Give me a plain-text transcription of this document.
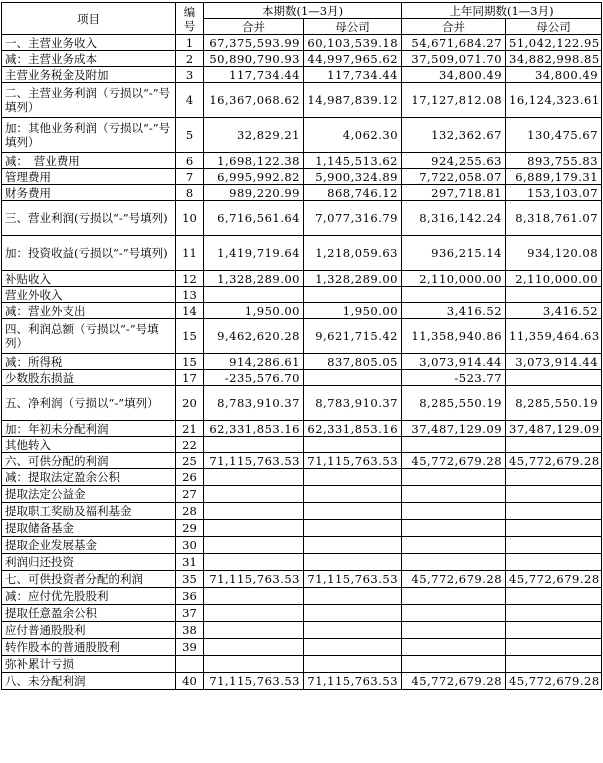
项目	编号	本期数(1—3月)		上年同期数(1—3月)	
		合并	母公司	合并	母公司
一、主营业务收入	1	67,375,593.99	60,103,539.18	54,671,684.27	51,042,122.95
减：主营业务成本	2	50,890,790.93	44,997,965.62	37,509,071.70	34,882,998.85
主营业务税金及附加	3	117,734.44	117,734.44	34,800.49	34,800.49
二、主营业务利润（亏损以“-”号填列）	4	16,367,068.62	14,987,839.12	17,127,812.08	16,124,323.61
加：其他业务利润（亏损以“-”号填列）	5	32,829.21	4,062.30	132,362.67	130,475.67
减：　营业费用	6	1,698,122.38	1,145,513.62	924,255.63	893,755.83
管理费用	7	6,995,992.82	5,900,324.89	7,722,058.07	6,889,179.31
财务费用	8	989,220.99	868,746.12	297,718.81	153,103.07
三、营业利润(亏损以“-”号填列)	10	6,716,561.64	7,077,316.79	8,316,142.24	8,318,761.07
加：投资收益(亏损以“-”号填列)	11	1,419,719.64	1,218,059.63	936,215.14	934,120.08
补贴收入	12	1,328,289.00	1,328,289.00	2,110,000.00	2,110,000.00
营业外收入	13				
减：营业外支出	14	1,950.00	1,950.00	3,416.52	3,416.52
四、利润总额（亏损以“-”号填列）	15	9,462,620.28	9,621,715.42	11,358,940.86	11,359,464.63
减：所得税	15	914,286.61	837,805.05	3,073,914.44	3,073,914.44
少数股东损益	17	-235,576.70		-523.77	
五、净利润（亏损以“-”填列）	20	8,783,910.37	8,783,910.37	8,285,550.19	8,285,550.19
加：年初未分配利润	21	62,331,853.16	62,331,853.16	37,487,129.09	37,487,129.09
其他转入	22				
六、可供分配的利润	25	71,115,763.53	71,115,763.53	45,772,679.28	45,772,679.28
减：提取法定盈余公积	26				
提取法定公益金	27				
提取职工奖励及福利基金	28				
提取储备基金	29				
提取企业发展基金	30				
利润归还投资	31				
七、可供投资者分配的利润	35	71,115,763.53	71,115,763.53	45,772,679.28	45,772,679.28
减：应付优先股股利	36				
提取任意盈余公积	37				
应付普通股股利	38				
转作股本的普通股股利	39				
弥补累计亏损					
八、未分配利润	40	71,115,763.53	71,115,763.53	45,772,679.28	45,772,679.28
